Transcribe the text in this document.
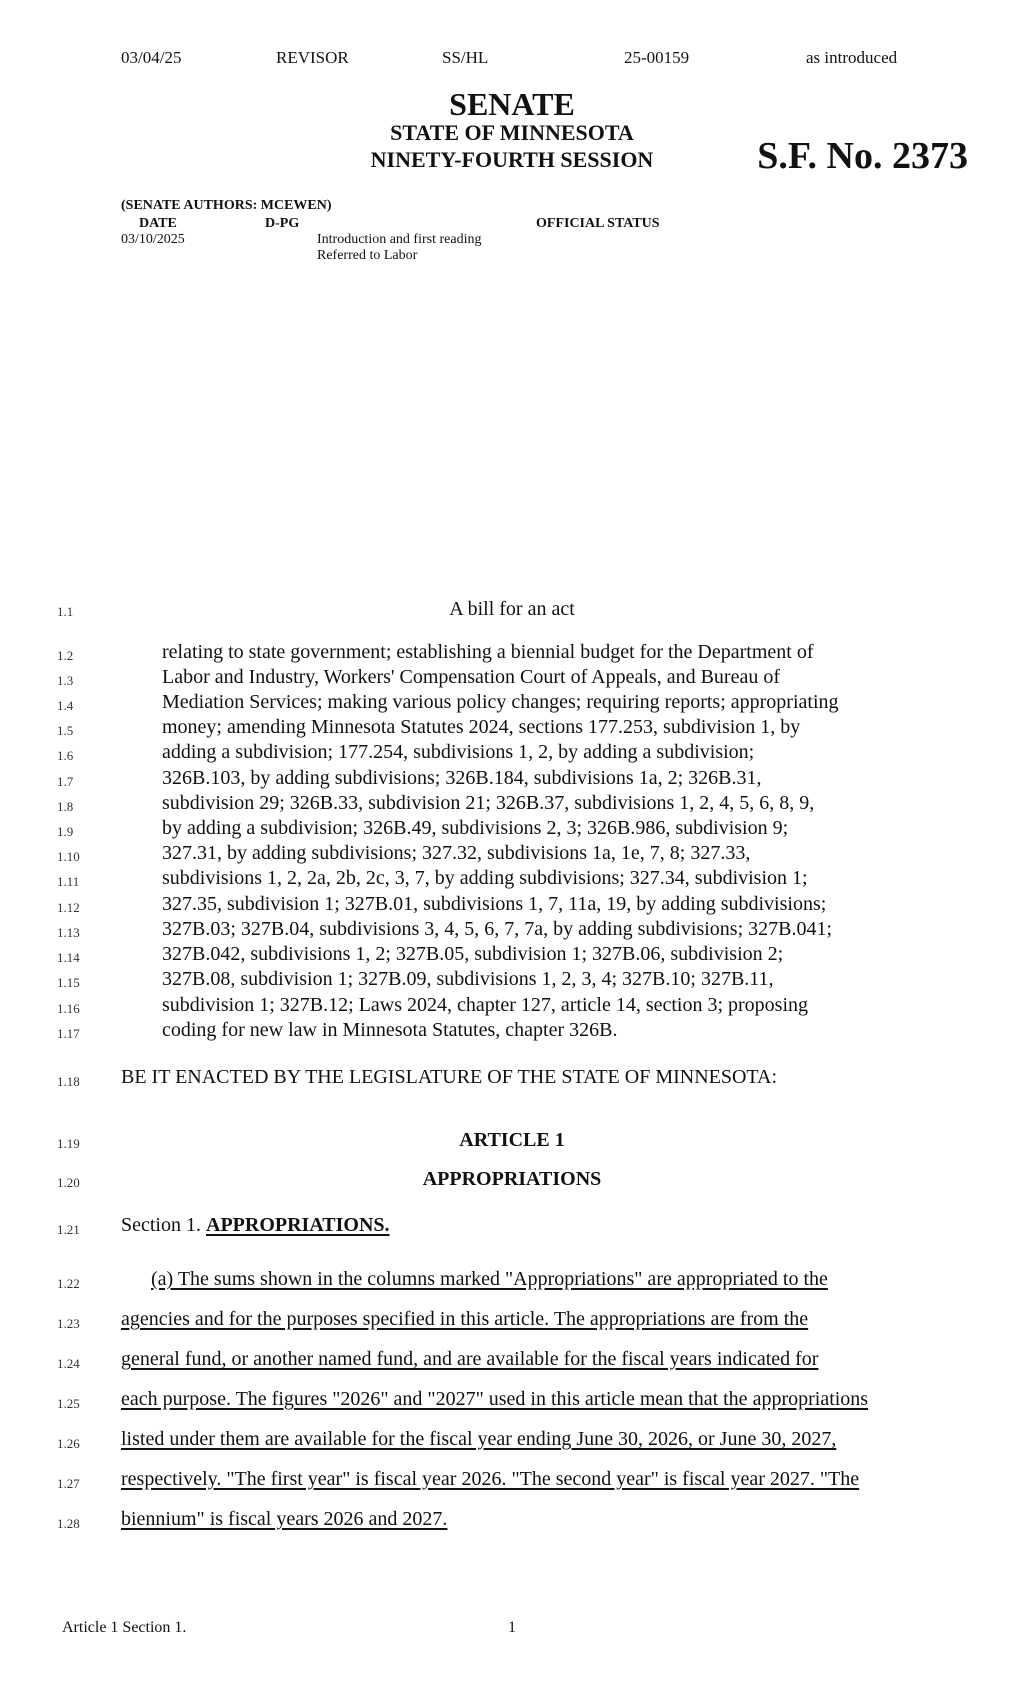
03/04/25	REVISOR	SS/HL	25-00159	as introduced
SENATE
STATE OF MINNESOTA
NINETY-FOURTH SESSION	S.F. No. 2373
(SENATE AUTHORS: MCEWEN)
DATE	D-PG	OFFICIAL STATUS
03/10/2025	Introduction and first reading
Referred to Labor
1.1	A bill for an act
1.2	relating to state government; establishing a biennial budget for the Department of
1.3	Labor and Industry, Workers' Compensation Court of Appeals, and Bureau of
1.4	Mediation Services; making various policy changes; requiring reports; appropriating
1.5	money; amending Minnesota Statutes 2024, sections 177.253, subdivision 1, by
1.6	adding a subdivision; 177.254, subdivisions 1, 2, by adding a subdivision;
1.7	326B.103, by adding subdivisions; 326B.184, subdivisions 1a, 2; 326B.31,
1.8	subdivision 29; 326B.33, subdivision 21; 326B.37, subdivisions 1, 2, 4, 5, 6, 8, 9,
1.9	by adding a subdivision; 326B.49, subdivisions 2, 3; 326B.986, subdivision 9;
1.10	327.31, by adding subdivisions; 327.32, subdivisions 1a, 1e, 7, 8; 327.33,
1.11	subdivisions 1, 2, 2a, 2b, 2c, 3, 7, by adding subdivisions; 327.34, subdivision 1;
1.12	327.35, subdivision 1; 327B.01, subdivisions 1, 7, 11a, 19, by adding subdivisions;
1.13	327B.03; 327B.04, subdivisions 3, 4, 5, 6, 7, 7a, by adding subdivisions; 327B.041;
1.14	327B.042, subdivisions 1, 2; 327B.05, subdivision 1; 327B.06, subdivision 2;
1.15	327B.08, subdivision 1; 327B.09, subdivisions 1, 2, 3, 4; 327B.10; 327B.11,
1.16	subdivision 1; 327B.12; Laws 2024, chapter 127, article 14, section 3; proposing
1.17	coding for new law in Minnesota Statutes, chapter 326B.
1.18 BE IT ENACTED BY THE LEGISLATURE OF THE STATE OF MINNESOTA:
1.19	ARTICLE 1
1.20	APPROPRIATIONS
1.21 Section 1. APPROPRIATIONS.
1.22	(a) The sums shown in the columns marked "Appropriations" are appropriated to the
1.23 agencies and for the purposes specified in this article. The appropriations are from the
1.24 general fund, or another named fund, and are available for the fiscal years indicated for
1.25 each purpose. The figures "2026" and "2027" used in this article mean that the appropriations
1.26 listed under them are available for the fiscal year ending June 30, 2026, or June 30, 2027,
1.27 respectively. "The first year" is fiscal year 2026. "The second year" is fiscal year 2027. "The
1.28 biennium" is fiscal years 2026 and 2027.
Article 1 Section 1.	1
